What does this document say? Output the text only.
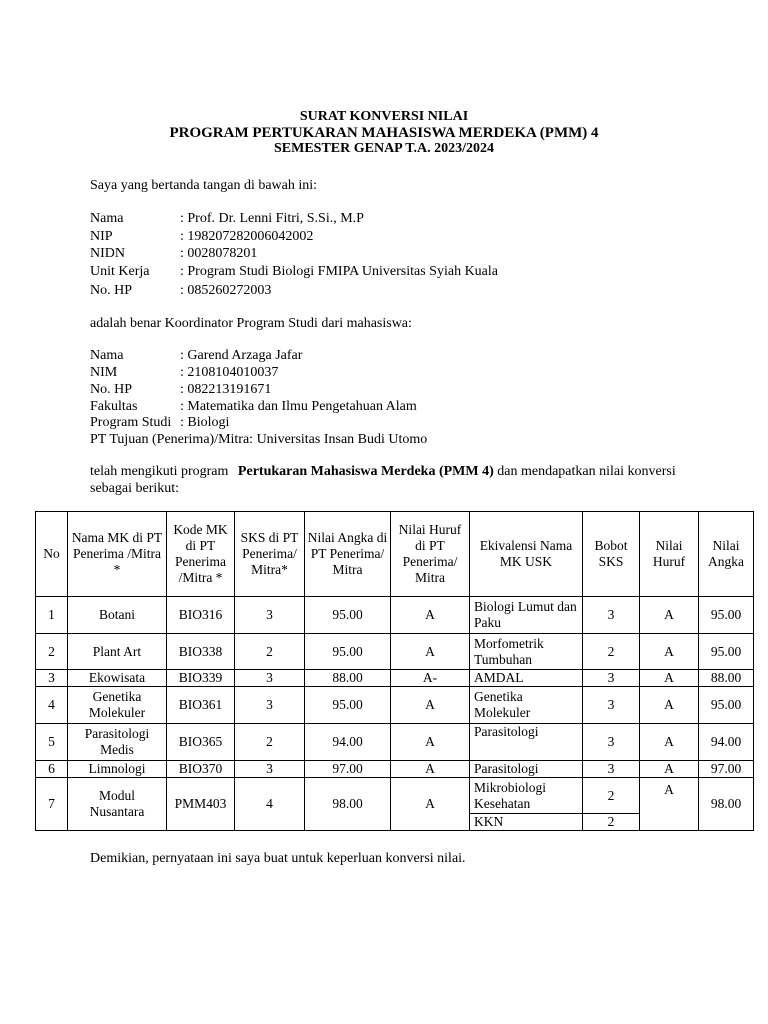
SURAT KONVERSI NILAI
PROGRAM PERTUKARAN MAHASISWA MERDEKA (PMM) 4
SEMESTER GENAP T.A. 2023/2024
Saya yang bertanda tangan di bawah ini:
Nama	: Prof. Dr. Lenni Fitri, S.Si., M.P
NIP	: 198207282006042002
NIDN	: 0028078201
Unit Kerja : Program Studi Biologi FMIPA Universitas Syiah Kuala
No. HP	: 085260272003
adalah benar Koordinator Program Studi dari mahasiswa:
Nama	: Garend Arzaga Jafar
NIM	: 2108104010037
No. HP	: 082213191671
Fakultas	: Matematika dan Ilmu Pengetahuan Alam
Program Studi : Biologi
PT Tujuan (Penerima)/Mitra: Universitas Insan Budi Utomo
telah mengikuti program Pertukaran Mahasiswa Merdeka (PMM 4) dan mendapatkan nilai konversi
sebagai berikut:
No	Nama MK di PT Penerima /Mitra *	Kode MK di PT Penerima /Mitra *	SKS di PT Penerima/ Mitra*	Nilai Angka di PT Penerima/ Mitra	Nilai Huruf di PT Penerima/ Mitra	Ekivalensi Nama MK USK	Bobot SKS	Nilai Huruf	Nilai Angka
1	Botani	BIO316	3	95.00	A	Biologi Lumut dan Paku	3	A	95.00
2	Plant Art	BIO338	2	95.00	A	Morfometrik Tumbuhan	2	A	95.00
3	Ekowisata	BIO339	3	88.00	A-	AMDAL	3	A	88.00
4	Genetika Molekuler	BIO361	3	95.00	A	Genetika Molekuler	3	A	95.00
5	Parasitologi Medis	BIO365	2	94.00	A	Parasitologi	3	A	94.00
6	Limnologi	BIO370	3	97.00	A	Parasitologi	3	A	97.00
7	Modul Nusantara	PMM403	4	98.00	A	Mikrobiologi Kesehatan	2	A	98.00
						KKN	2		
Demikian, pernyataan ini saya buat untuk keperluan konversi nilai.
